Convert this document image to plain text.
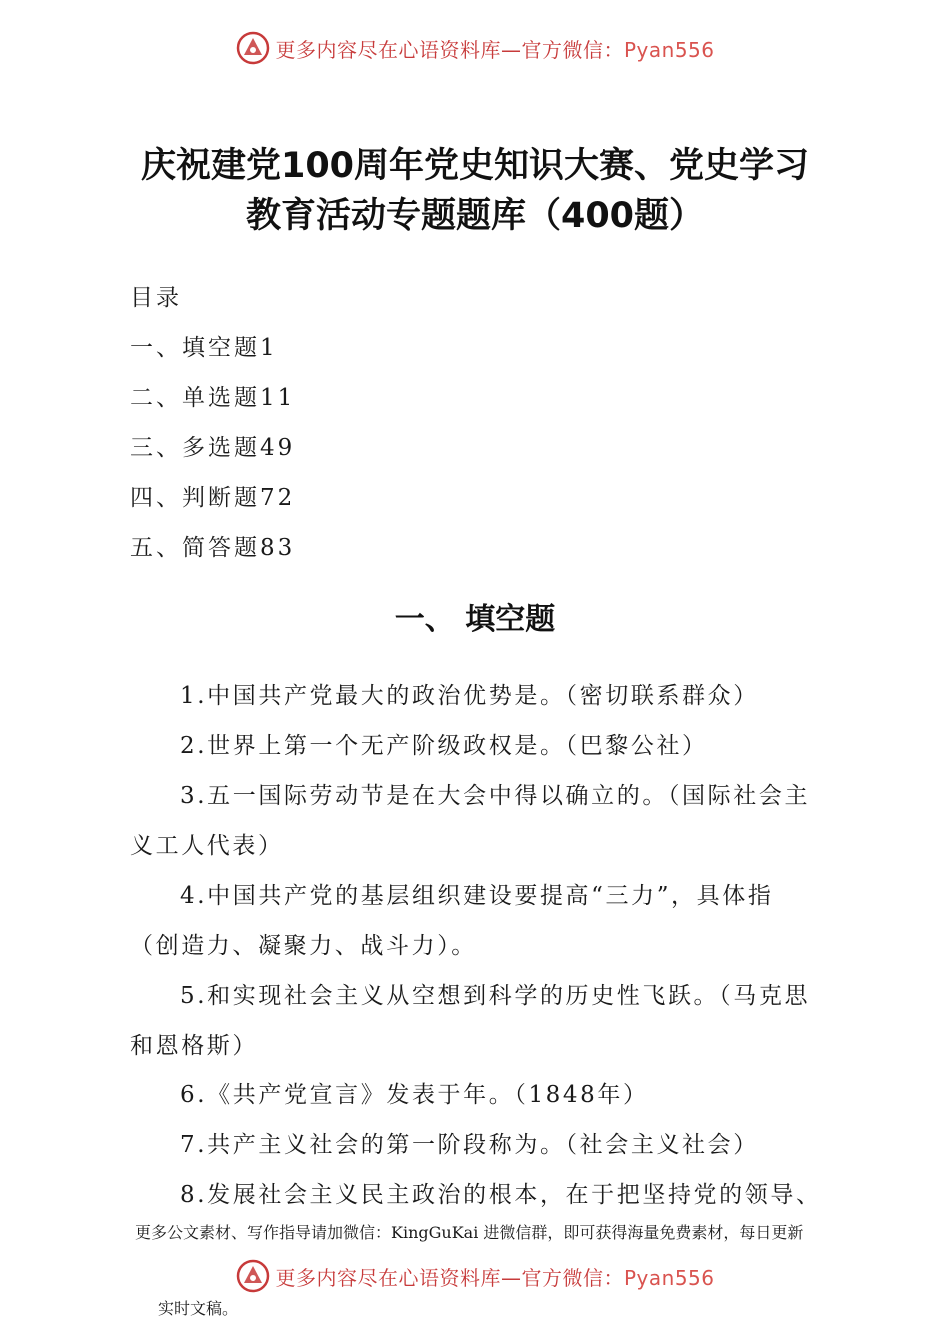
更多内容尽在心语资料库—官方微信：Pyan556
庆祝建党100周年党史知识大赛、党史学习
教育活动专题题库（400题）
目录
一、填空题1
二、单选题11
三、多选题49
四、判断题72
五、简答题83
一、 填空题
1.中国共产党最大的政治优势是。（密切联系群众）
2.世界上第一个无产阶级政权是。（巴黎公社）
3.五一国际劳动节是在大会中得以确立的。（国际社会主
义工人代表）
4.中国共产党的基层组织建设要提高“三力”，具体指
（创造力、凝聚力、战斗力）。
5.和实现社会主义从空想到科学的历史性飞跃。（马克思
和恩格斯）
6.《共产党宣言》发表于年。（1848年）
7.共产主义社会的第一阶段称为。（社会主义社会）
8.发展社会主义民主政治的根本，在于把坚持党的领导、
更多公文素材、写作指导请加微信：KingGuKai 进微信群，即可获得海量免费素材，每日更新
更多内容尽在心语资料库—官方微信：Pyan556
实时文稿。
